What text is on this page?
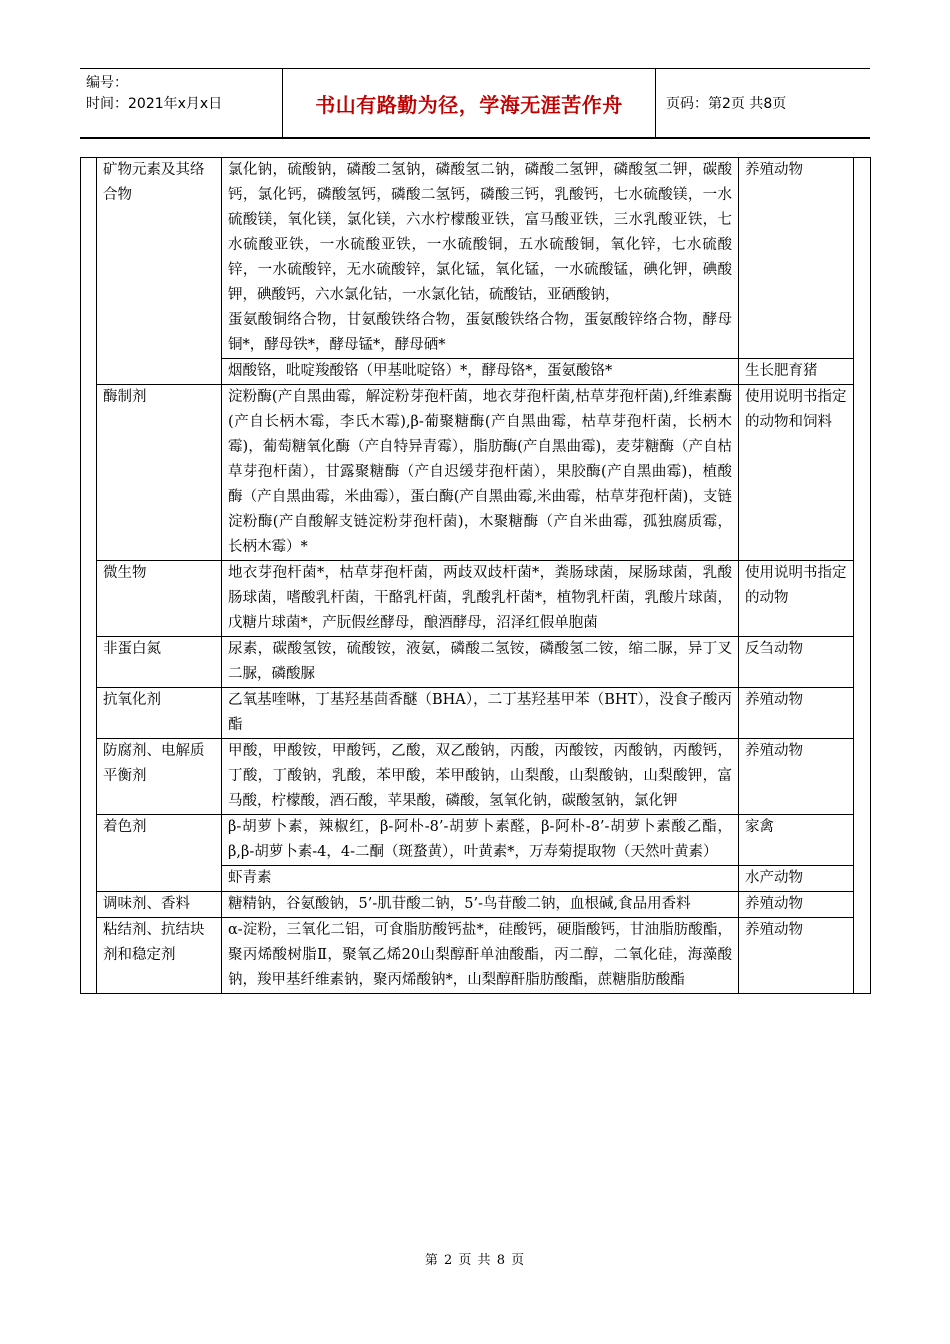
编号：
时间：2021年x月x日	书山有路勤为径，学海无涯苦作舟	页码：第2页 共8页
	矿物元素及其络合物	氯化钠，硫酸钠，磷酸二氢钠，磷酸氢二钠，磷酸二氢钾，磷酸氢二钾，碳酸钙，氯化钙，磷酸氢钙，磷酸二氢钙，磷酸三钙，乳酸钙，七水硫酸镁，一水硫酸镁，氧化镁，氯化镁，六水柠檬酸亚铁，富马酸亚铁，三水乳酸亚铁，七水硫酸亚铁，一水硫酸亚铁，一水硫酸铜，五水硫酸铜，氧化锌，七水硫酸锌，一水硫酸锌，无水硫酸锌，氯化锰，氧化锰，一水硫酸锰，碘化钾，碘酸钾，碘酸钙，六水氯化钴，一水氯化钴，硫酸钴，亚硒酸钠，
蛋氨酸铜络合物，甘氨酸铁络合物，蛋氨酸铁络合物，蛋氨酸锌络合物，酵母铜*，酵母铁*，酵母锰*，酵母硒*	养殖动物	
		烟酸铬，吡啶羧酸铬（甲基吡啶铬）*，酵母铬*，蛋氨酸铬*	生长肥育猪	
	酶制剂	淀粉酶(产自黑曲霉，解淀粉芽孢杆菌，地衣芽孢杆菌,枯草芽孢杆菌),纤维素酶(产自长柄木霉，李氏木霉),β-葡聚糖酶(产自黑曲霉，枯草芽孢杆菌，长柄木霉)，葡萄糖氧化酶（产自特异青霉），脂肪酶(产自黑曲霉)，麦芽糖酶（产自枯草芽孢杆菌），甘露聚糖酶（产自迟缓芽孢杆菌），果胶酶(产自黑曲霉)，植酸酶（产自黑曲霉，米曲霉），蛋白酶(产自黑曲霉,米曲霉，枯草芽孢杆菌)，支链淀粉酶(产自酸解支链淀粉芽孢杆菌)，木聚糖酶（产自米曲霉，孤独腐质霉，长柄木霉）*	使用说明书指定的动物和饲料	
	微生物	地衣芽孢杆菌*，枯草芽孢杆菌，两歧双歧杆菌*，粪肠球菌，屎肠球菌，乳酸肠球菌，嗜酸乳杆菌，干酪乳杆菌，乳酸乳杆菌*，植物乳杆菌，乳酸片球菌，戊糖片球菌*，产朊假丝酵母，酿酒酵母，沼泽红假单胞菌	使用说明书指定的动物	
	非蛋白氮	尿素，碳酸氢铵，硫酸铵，液氨，磷酸二氢铵，磷酸氢二铵，缩二脲，异丁叉二脲，磷酸脲	反刍动物	
	抗氧化剂	乙氧基喹啉，丁基羟基茴香醚（BHA），二丁基羟基甲苯（BHT），没食子酸丙酯	养殖动物	
	防腐剂、电解质平衡剂	甲酸，甲酸铵，甲酸钙，乙酸，双乙酸钠，丙酸，丙酸铵，丙酸钠，丙酸钙，丁酸，丁酸钠，乳酸，苯甲酸，苯甲酸钠，山梨酸，山梨酸钠，山梨酸钾，富马酸，柠檬酸，酒石酸，苹果酸，磷酸，氢氧化钠，碳酸氢钠，氯化钾	养殖动物	
	着色剂	β-胡萝卜素，辣椒红，β-阿朴-8’-胡萝卜素醛，β-阿朴-8’-胡萝卜素酸乙酯，β,β-胡萝卜素-4，4-二酮（斑蝥黄），叶黄素*，万寿菊提取物（天然叶黄素）	家禽	
		虾青素	水产动物	
	调味剂、香料	糖精钠，谷氨酸钠，5’-肌苷酸二钠，5’-鸟苷酸二钠，血根碱,食品用香料	养殖动物	
	粘结剂、抗结块剂和稳定剂	α-淀粉，三氧化二铝，可食脂肪酸钙盐*，硅酸钙，硬脂酸钙，甘油脂肪酸酯，聚丙烯酸树脂Ⅱ，聚氧乙烯20山梨醇酐单油酸酯，丙二醇，二氧化硅，海藻酸钠，羧甲基纤维素钠，聚丙烯酸钠*，山梨醇酐脂肪酸酯，蔗糖脂肪酸酯	养殖动物	
第 2 页 共 8 页
